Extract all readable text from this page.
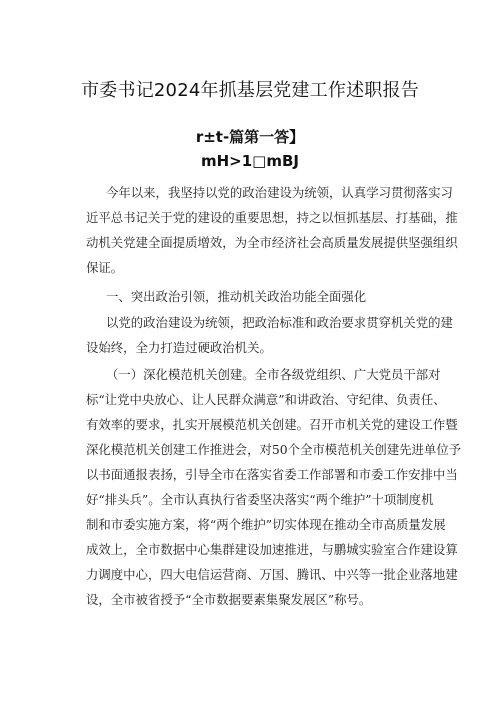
市委书记2024年抓基层党建工作述职报告
r±t-篇第一答】
mH>1□mBJ
今年以来，我坚持以党的政治建设为统领，认真学习贯彻落实习
近平总书记关于党的建设的重要思想，持之以恒抓基层、打基础，推
动机关党建全面提质增效，为全市经济社会高质量发展提供坚强组织
保证。
一、突出政治引领，推动机关政治功能全面强化
以党的政治建设为统领，把政治标准和政治要求贯穿机关党的建
设始终，全力打造过硬政治机关。
（一）深化模范机关创建。全市各级党组织、广大党员干部对
标“让党中央放心、让人民群众满意”和讲政治、守纪律、负责任、
有效率的要求，扎实开展模范机关创建。召开市机关党的建设工作暨
深化模范机关创建工作推进会，对50个全市模范机关创建先进单位予
以书面通报表扬，引导全市在落实省委工作部署和市委工作安排中当
好“排头兵”。全市认真执行省委坚决落实“两个维护”十项制度机
制和市委实施方案，将“两个维护”切实体现在推动全市高质量发展
成效上，全市数据中心集群建设加速推进，与鹏城实验室合作建设算
力调度中心，四大电信运营商、万国、腾讯、中兴等一批企业落地建
设，全市被省授予“全市数据要素集聚发展区”称号。
